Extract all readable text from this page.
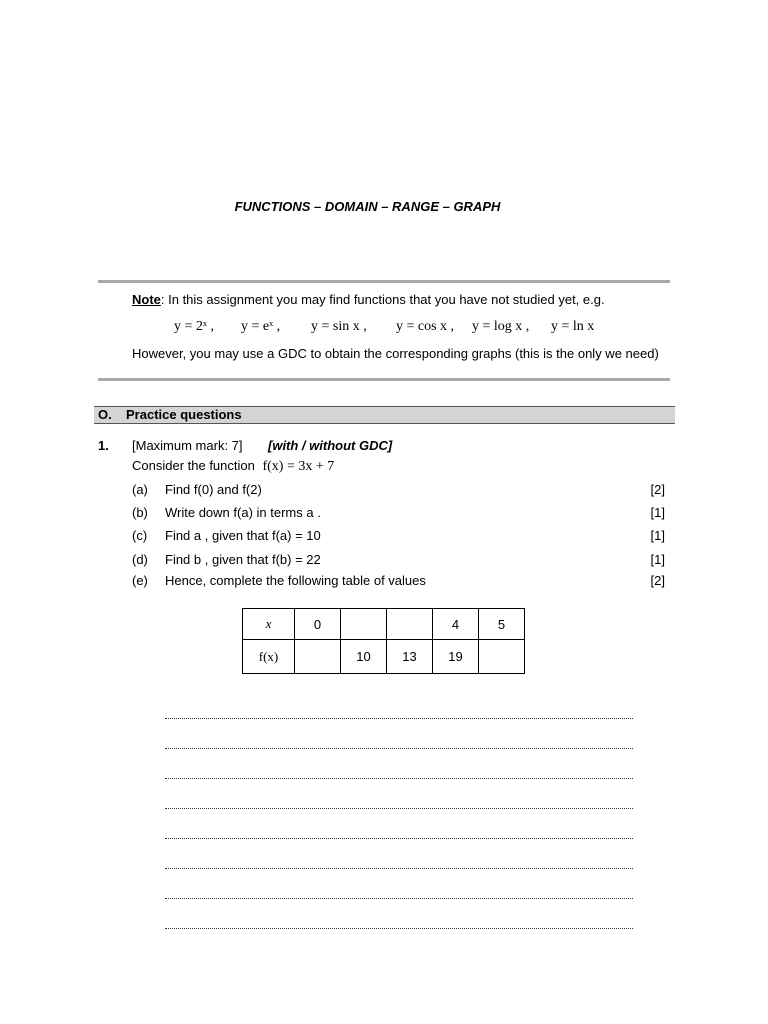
FUNCTIONS – DOMAIN – RANGE – GRAPH
Note: In this assignment you may find functions that you have not studied yet, e.g.
y = 2ˣ , y = eˣ , y = sin x , y = cos x , y = log x , y = ln x
However, you may use a GDC to obtain the corresponding graphs (this is the only we need)
O. Practice questions
1. [Maximum mark: 7] [with / without GDC]
Consider the function f(x) = 3x + 7
(a) Find f(0) and f(2)	[2]
(b) Write down f(a) in terms a .	[1]
(c) Find a , given that f(a) = 10	[1]
(d) Find b , given that f(b) = 22	[1]
(e) Hence, complete the following table of values	[2]
x	0			4	5
f(x)		10	13	19	
